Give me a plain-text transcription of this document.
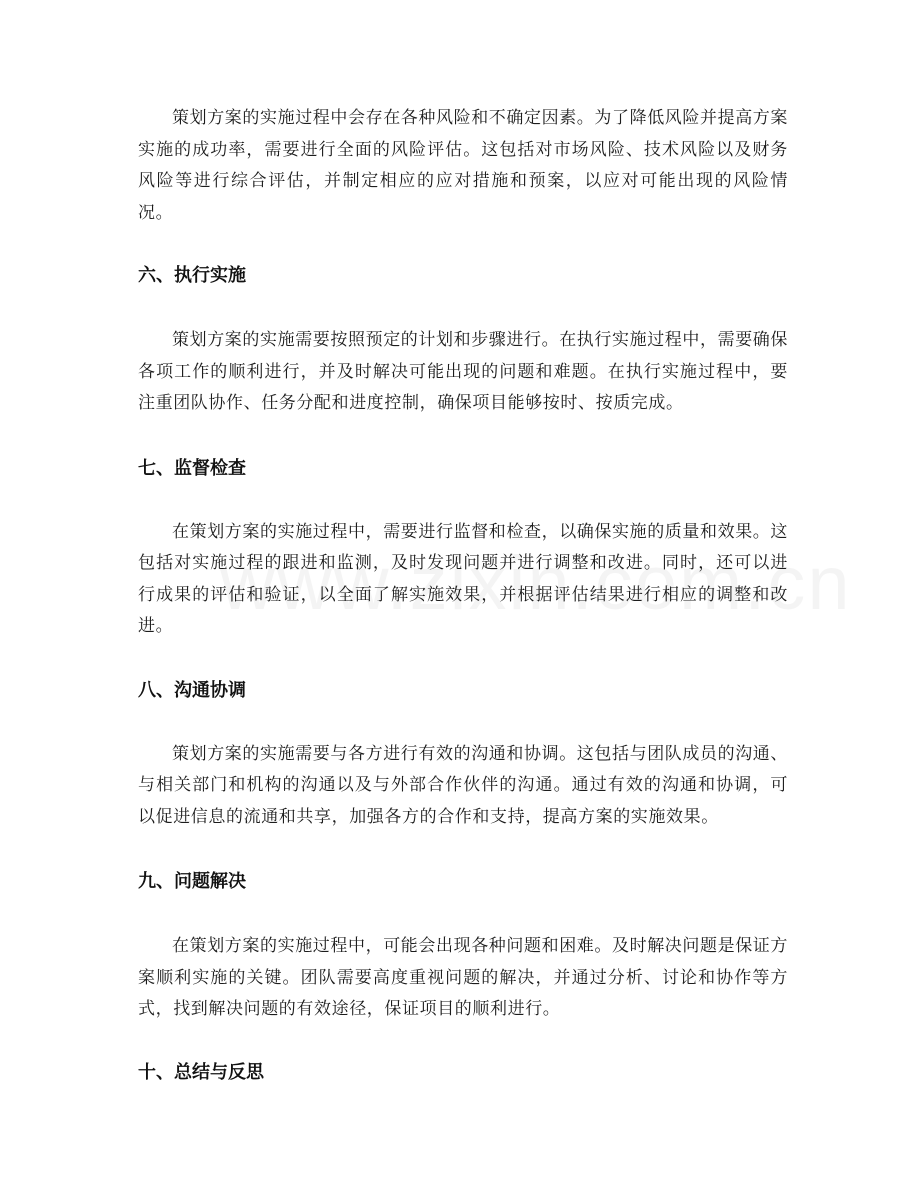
策划方案的实施过程中会存在各种风险和不确定因素。为了降低风险并提高方案实施的成功率，需要进行全面的风险评估。这包括对市场风险、技术风险以及财务风险等进行综合评估，并制定相应的应对措施和预案，以应对可能出现的风险情况。

六、执行实施

策划方案的实施需要按照预定的计划和步骤进行。在执行实施过程中，需要确保各项工作的顺利进行，并及时解决可能出现的问题和难题。在执行实施过程中，要注重团队协作、任务分配和进度控制，确保项目能够按时、按质完成。

七、监督检查

在策划方案的实施过程中，需要进行监督和检查，以确保实施的质量和效果。这包括对实施过程的跟进和监测，及时发现问题并进行调整和改进。同时，还可以进行成果的评估和验证，以全面了解实施效果，并根据评估结果进行相应的调整和改进。

八、沟通协调

策划方案的实施需要与各方进行有效的沟通和协调。这包括与团队成员的沟通、与相关部门和机构的沟通以及与外部合作伙伴的沟通。通过有效的沟通和协调，可以促进信息的流通和共享，加强各方的合作和支持，提高方案的实施效果。

九、问题解决

在策划方案的实施过程中，可能会出现各种问题和困难。及时解决问题是保证方案顺利实施的关键。团队需要高度重视问题的解决，并通过分析、讨论和协作等方式，找到解决问题的有效途径，保证项目的顺利进行。

十、总结与反思
